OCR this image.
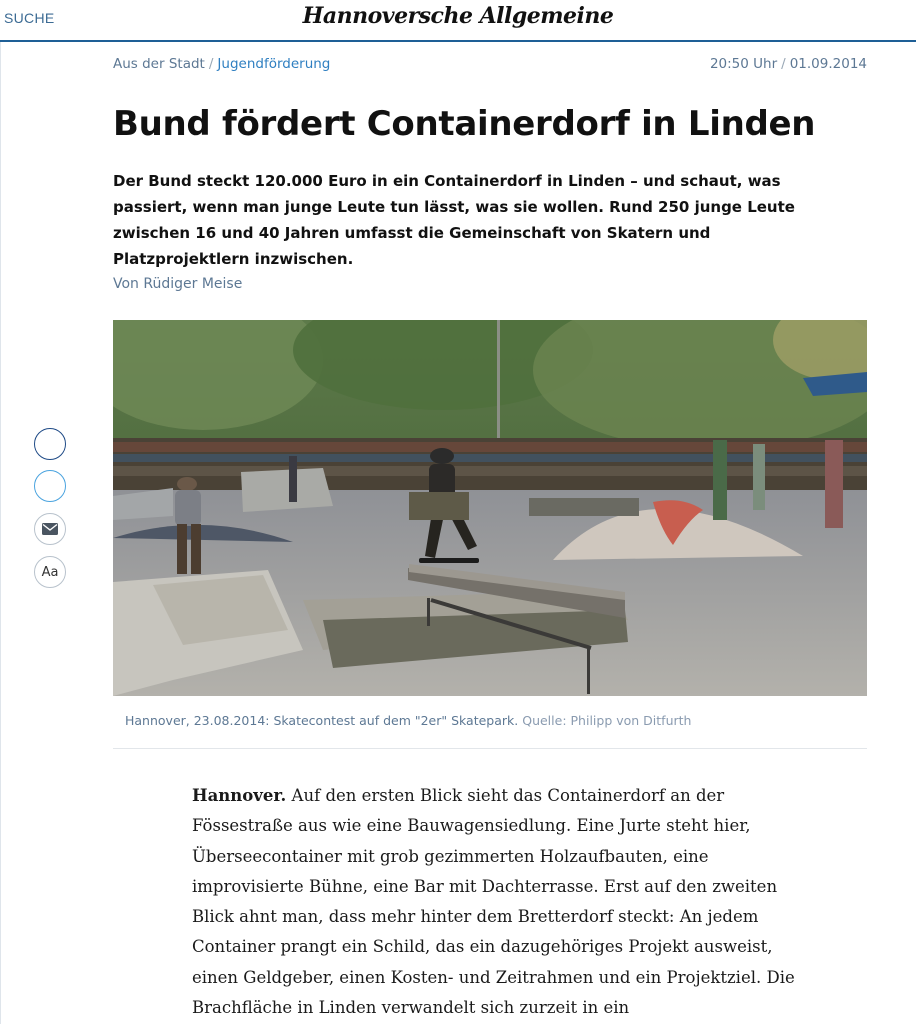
SUCHE	Hannoversche Allgemeine
Aus der Stadt / Jugendförderung	20:50 Uhr / 01.09.2014
Bund fördert Containerdorf in Linden

Der Bund steckt 120.000 Euro in ein Containerdorf in Linden – und schaut, was passiert, wenn man junge Leute tun lässt, was sie wollen. Rund 250 junge Leute zwischen 16 und 40 Jahren umfasst die Gemeinschaft von Skatern und Platzprojektlern inzwischen.

Von Rüdiger Meise
Aa
Hannover, 23.08.2014: Skatecontest auf dem "2er" Skatepark. Quelle: Philipp von Ditfurth
Hannover. Auf den ersten Blick sieht das Containerdorf an der Fössestraße aus wie eine Bauwagensiedlung. Eine Jurte steht hier, Überseecontainer mit grob gezimmerten Holzaufbauten, eine improvisierte Bühne, eine Bar mit Dachterrasse. Erst auf den zweiten Blick ahnt man, dass mehr hinter dem Bretterdorf steckt: An jedem Container prangt ein Schild, das ein dazugehöriges Projekt ausweist, einen Geldgeber, einen Kosten- und Zeitrahmen und ein Projektziel. Die Brachfläche in Linden verwandelt sich zurzeit in ein
